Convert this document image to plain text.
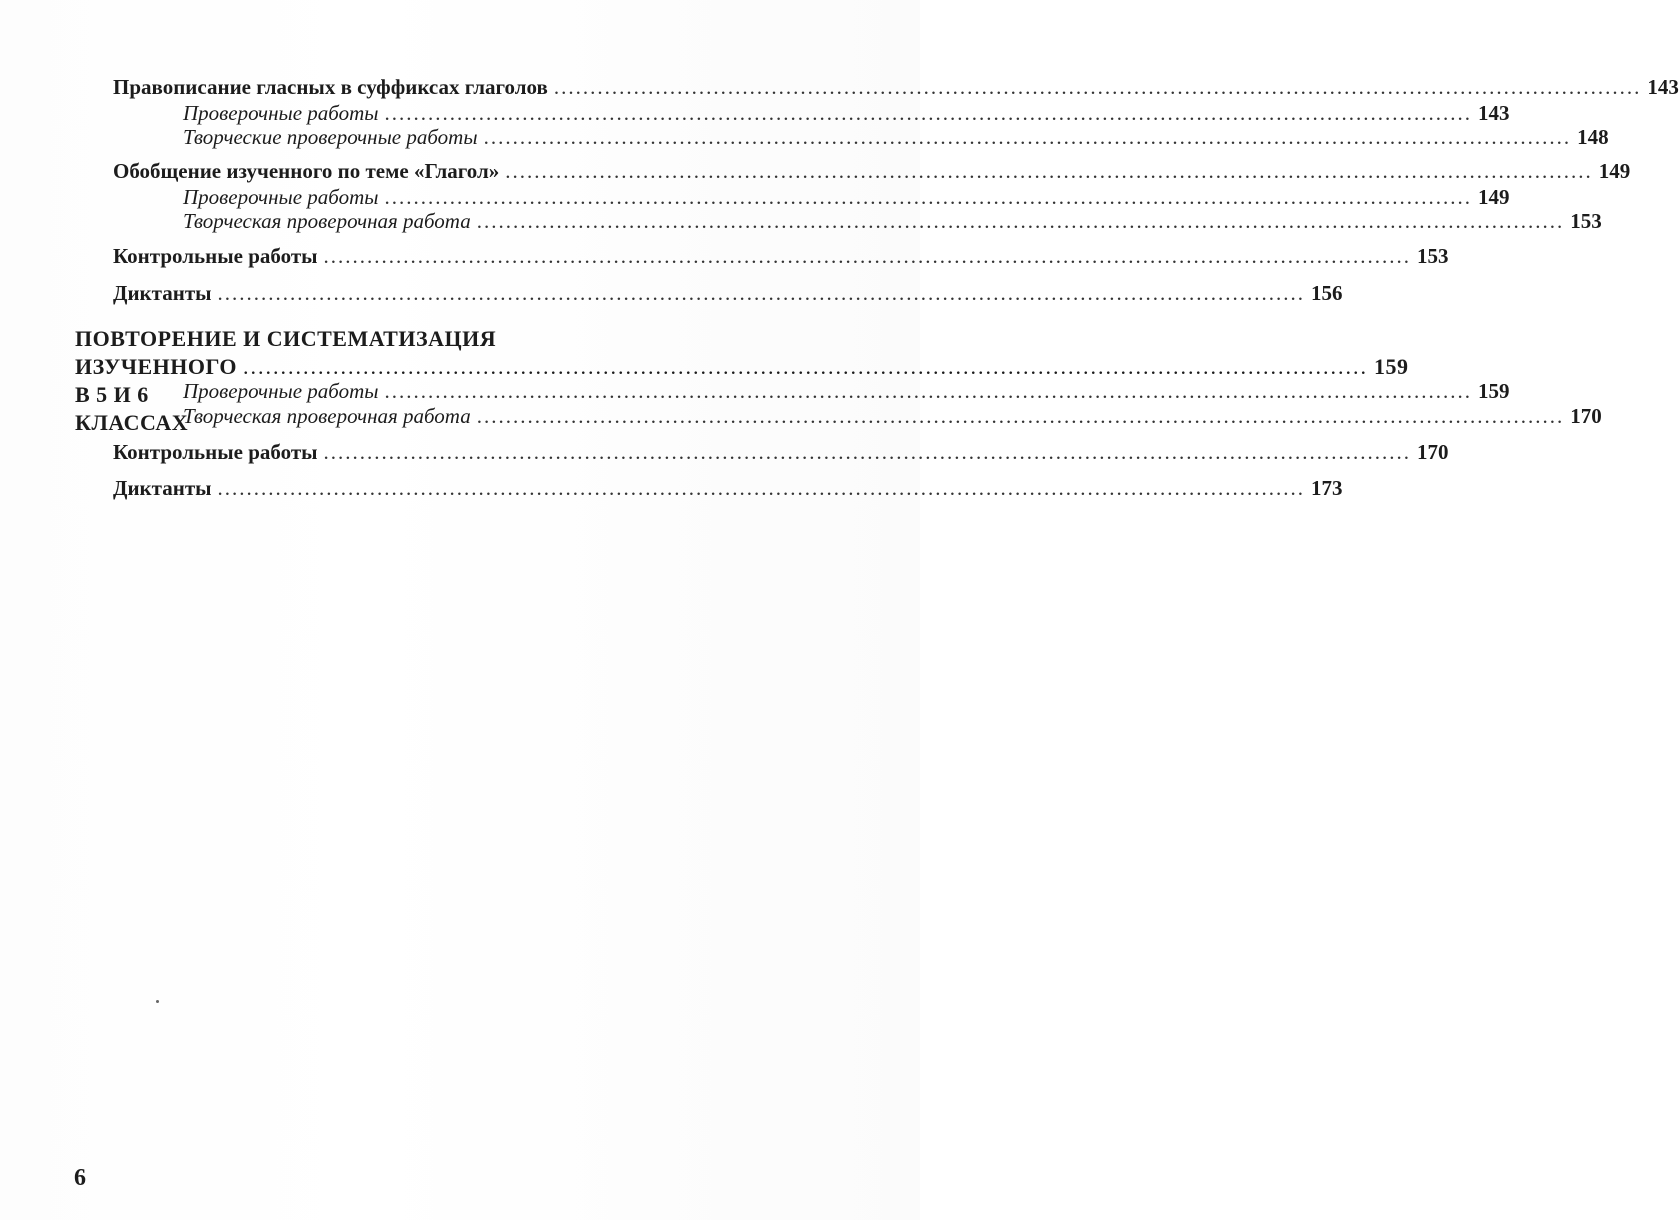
Правописание гласных в суффиксах глаголов ...................................................................................................................................................... 143
Проверочные работы ...................................................................................................................................................... 143
Творческие проверочные работы ...................................................................................................................................................... 148
Обобщение изученного по теме «Глагол» ...................................................................................................................................................... 149
Проверочные работы ...................................................................................................................................................... 149
Творческая проверочная работа ...................................................................................................................................................... 153
Контрольные работы ...................................................................................................................................................... 153
Диктанты ...................................................................................................................................................... 156
ПОВТОРЕНИЕ И СИСТЕМАТИЗАЦИЯ
ИЗУЧЕННОГО В 5 И 6 КЛАССАХ
...................................................................................................................................................... 159
Проверочные работы ...................................................................................................................................................... 159
Творческая проверочная работа ...................................................................................................................................................... 170
Контрольные работы ...................................................................................................................................................... 170
Диктанты ...................................................................................................................................................... 173
6
